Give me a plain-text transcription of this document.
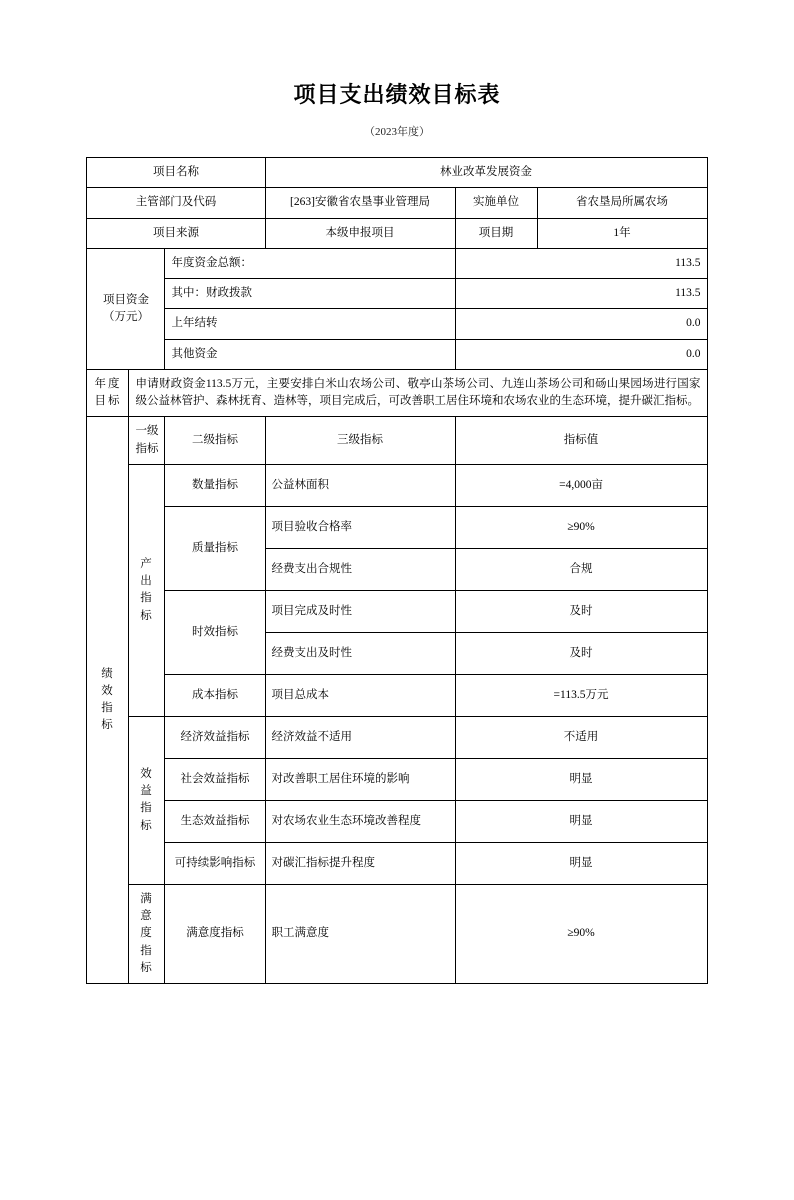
项目支出绩效目标表
（2023年度）
项目名称			林业改革发展资金		
主管部门及代码			[263]安徽省农垦事业管理局	实施单位	省农垦局所属农场
项目来源			本级申报项目	项目期	1年

项目资金
（万元）		年度资金总额：		113.5	
		其中：财政拨款		113.5	
		上年结转		0.0	
		其他资金		0.0	

年度
目标	申请财政资金113.5万元，主要安排白米山农场公司、敬亭山茶场公司、九连山茶场公司和砀山果园场进行国家级公益林管护、森林抚育、造林等，项目完成后，可改善职工居住环境和农场农业的生态环境，提升碳汇指标。				

绩
效
指
标	一级指标	二级指标	三级指标	指标值	

	产出
指标	数量指标	公益林面积	=4,000亩	
		质量指标	项目验收合格率	≥90%	
			经费支出合规性	合规	
		时效指标	项目完成及时性	及时	
			经费支出及时性	及时	
		成本指标	项目总成本	=113.5万元	

	效益
指标	经济效益指标	经济效益不适用	不适用	
		社会效益指标	对改善职工居住环境的影响	明显	
		生态效益指标	对农场农业生态环境改善程度	明显	
		可持续影响指标	对碳汇指标提升程度	明显	

	满意
度指
标	满意度指标	职工满意度	≥90%	
